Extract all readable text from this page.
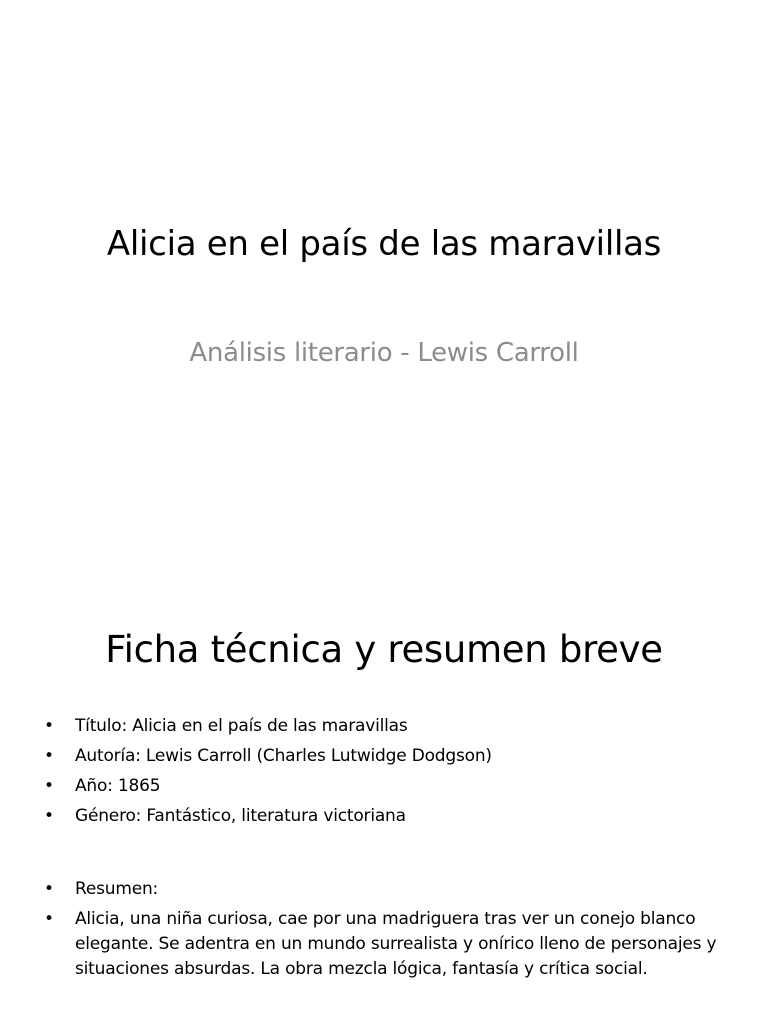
Alicia en el país de las maravillas
Análisis literario - Lewis Carroll
Ficha técnica y resumen breve
• Título: Alicia en el país de las maravillas
• Autoría: Lewis Carroll (Charles Lutwidge Dodgson)
• Año: 1865
• Género: Fantástico, literatura victoriana
• Resumen:
• Alicia, una niña curiosa, cae por una madriguera tras ver un conejo blanco elegante. Se adentra en un mundo surrealista y onírico lleno de personajes y situaciones absurdas. La obra mezcla lógica, fantasía y crítica social.
